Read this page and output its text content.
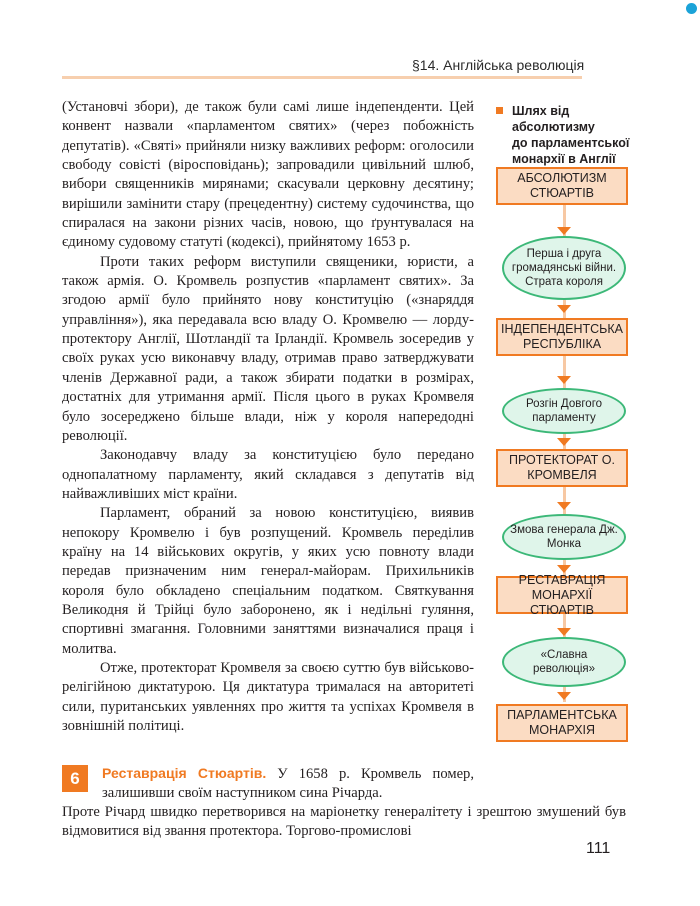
§14. Англійська революція

(Установчі збори), де також були самі лише індепенденти. Цей конвент назвали «парламентом святих» (через побожність депутатів). «Святі» прийняли низку важливих реформ: оголосили свободу совісті (віросповідань); запровадили цивільний шлюб, вибори священників мирянами; скасували церковну десятину; вирішили замінити стару (прецедентну) систему судочинства, що спиралася на закони різних часів, новою, що ґрунтувалася на єдиному судовому статуті (кодексі), прийнятому 1653 р.

Проти таких реформ виступили священики, юристи, а також армія. О. Кромвель розпустив «парламент святих». За згодою армії було прийнято нову конституцію («знаряддя управління»), яка передавала всю владу О. Кромвелю — лорду-протектору Англії, Шотландії та Ірландії. Кромвель зосередив у своїх руках усю виконавчу владу, отримав право затверджувати членів Державної ради, а також збирати податки в розмірах, достатніх для утримання армії. Після цього в руках Кромвеля було зосереджено більше влади, ніж у короля напередодні революції.

Законодавчу владу за конституцією було передано однопалатному парламенту, який складався з депутатів від найважливіших міст країни.

Парламент, обраний за новою конституцією, виявив непокору Кромвелю і був розпущений. Кромвель переділив країну на 14 військових округів, у яких усю повноту влади передав призначеним ним генерал-майорам. Прихильників короля було обкладено спеціальним податком. Святкування Великодня й Трійці було заборонено, як і недільні гуляння, спортивні змагання. Головними заняттями визначалися праця і молитва.

Отже, протекторат Кромвеля за своєю суттю був військово-релігійною диктатурою. Ця диктатура трималася на авторитеті сили, пуританських уявленнях про життя та успіхах Кромвеля в зовнішній політиці.

6	Реставрація Стюартів. У 1658 р. Кромвель помер, залишивши своїм наступником сина Річарда.

Проте Річард швидко перетворився на маріонетку генералітету і зрештою змушений був відмовитися від звання протектора. Торгово-промислові

111
Шлях від абсолютизму
до парламентської
монархії в Англії
АБСОЛЮТИЗМ СТЮАРТІВ
Перша і друга громадянські війни. Страта короля
ІНДЕПЕНДЕНТСЬКА РЕСПУБЛІКА
Розгін Довгого парламенту
ПРОТЕКТОРАТ О. КРОМВЕЛЯ
Змова генерала Дж. Монка
РЕСТАВРАЦІЯ МОНАРХІЇ СТЮАРТІВ
«Славна революція»
ПАРЛАМЕНТСЬКА МОНАРХІЯ
